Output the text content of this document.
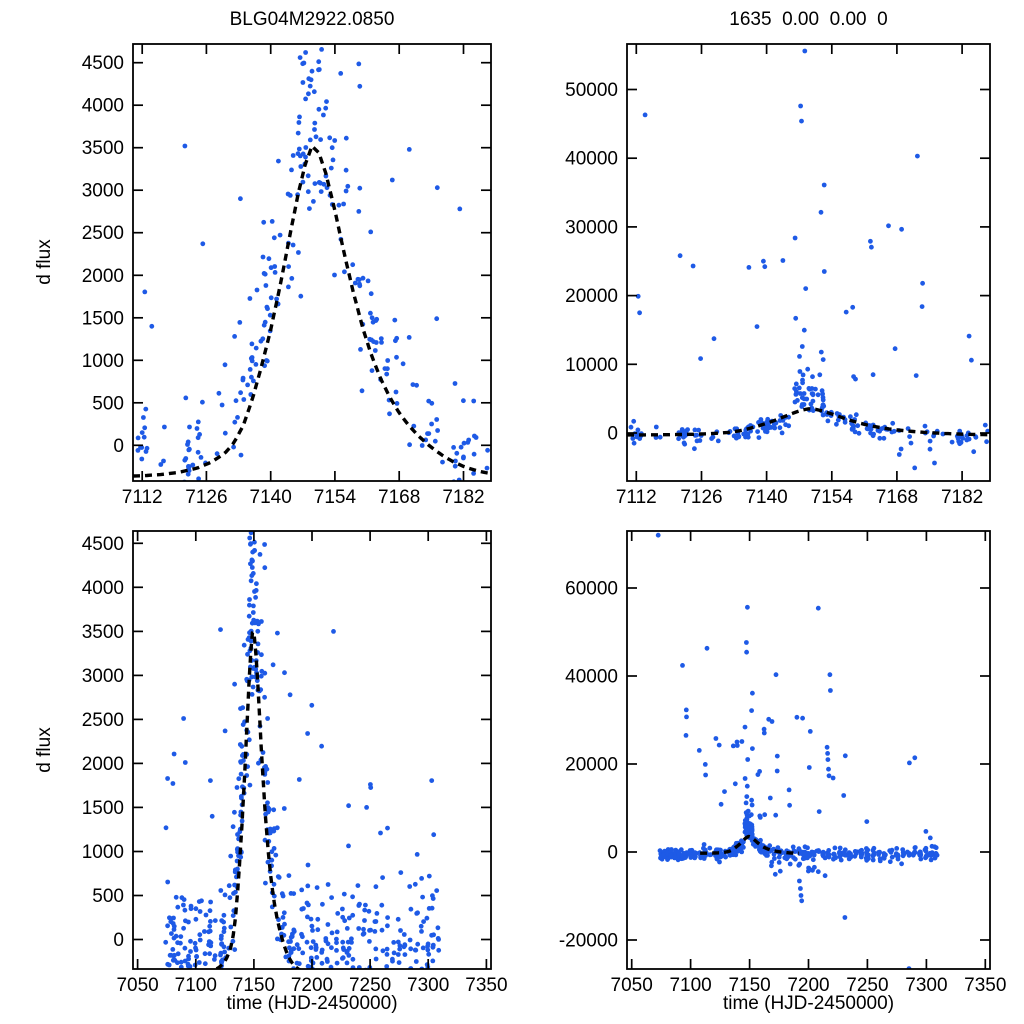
BLG04M2922.0850	1635  0.00  0.00  0
d flux
d flux
time (HJD-2450000)	time (HJD-2450000)
7112 7126 7140 7154 7168 7182
0
500
1000
1500
2000
2500
3000
3500
4000
4500
7112 7126 7140 7154 7168 7182
0
10000
20000
30000
40000
50000
7050 7100 7150 7200 7250 7300 7350
0
500
1000
1500
2000
2500
3000
3500
4000
4500
7050 7100 7150 7200 7250 7300 7350
-20000
0
20000
40000
60000
